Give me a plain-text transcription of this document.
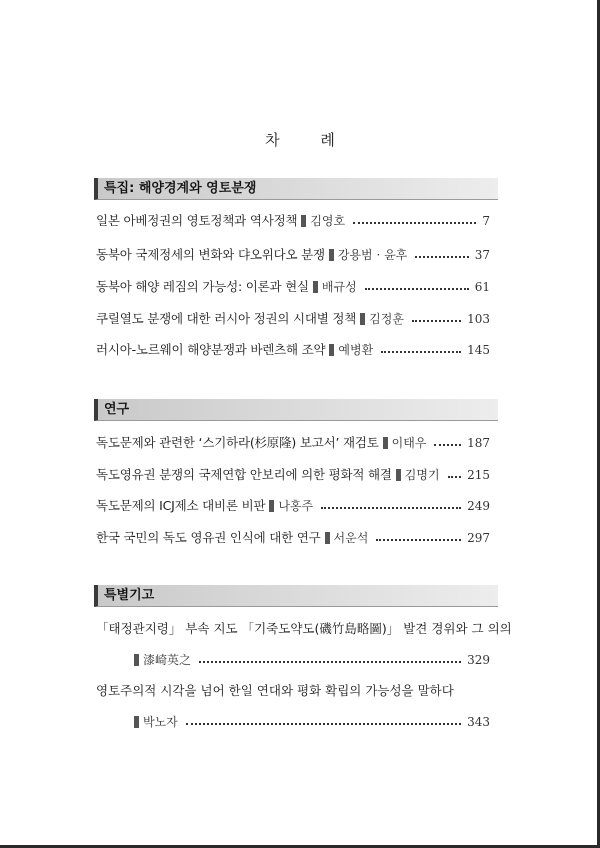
차 례
특집: 해양경계와 영토분쟁
일본 아베정권의 영토정책과 역사정책 김영호	7
동북아 국제정세의 변화와 댜오위다오 분쟁 강용범 · 윤후	37
동북아 해양 레짐의 가능성: 이론과 현실 배규성	61
쿠릴열도 분쟁에 대한 러시아 정권의 시대별 정책 김정훈	103
러시아-노르웨이 해양분쟁과 바렌츠해 조약 예병환	145
연구
독도문제와 관련한 ‘스기하라(杉原隆) 보고서’ 재검토 이태우	187
독도영유권 분쟁의 국제연합 안보리에 의한 평화적 해결 김명기 215
독도문제의 ICJ제소 대비론 비판 나홍주	249
한국 국민의 독도 영유권 인식에 대한 연구 서운석	297
특별기고
「태정관지령」 부속 지도 「기죽도약도(磯竹島略圖)」 발견 경위와 그 의의
漆崎英之	329
영토주의적 시각을 넘어 한일 연대와 평화 확립의 가능성을 말하다
박노자	343
